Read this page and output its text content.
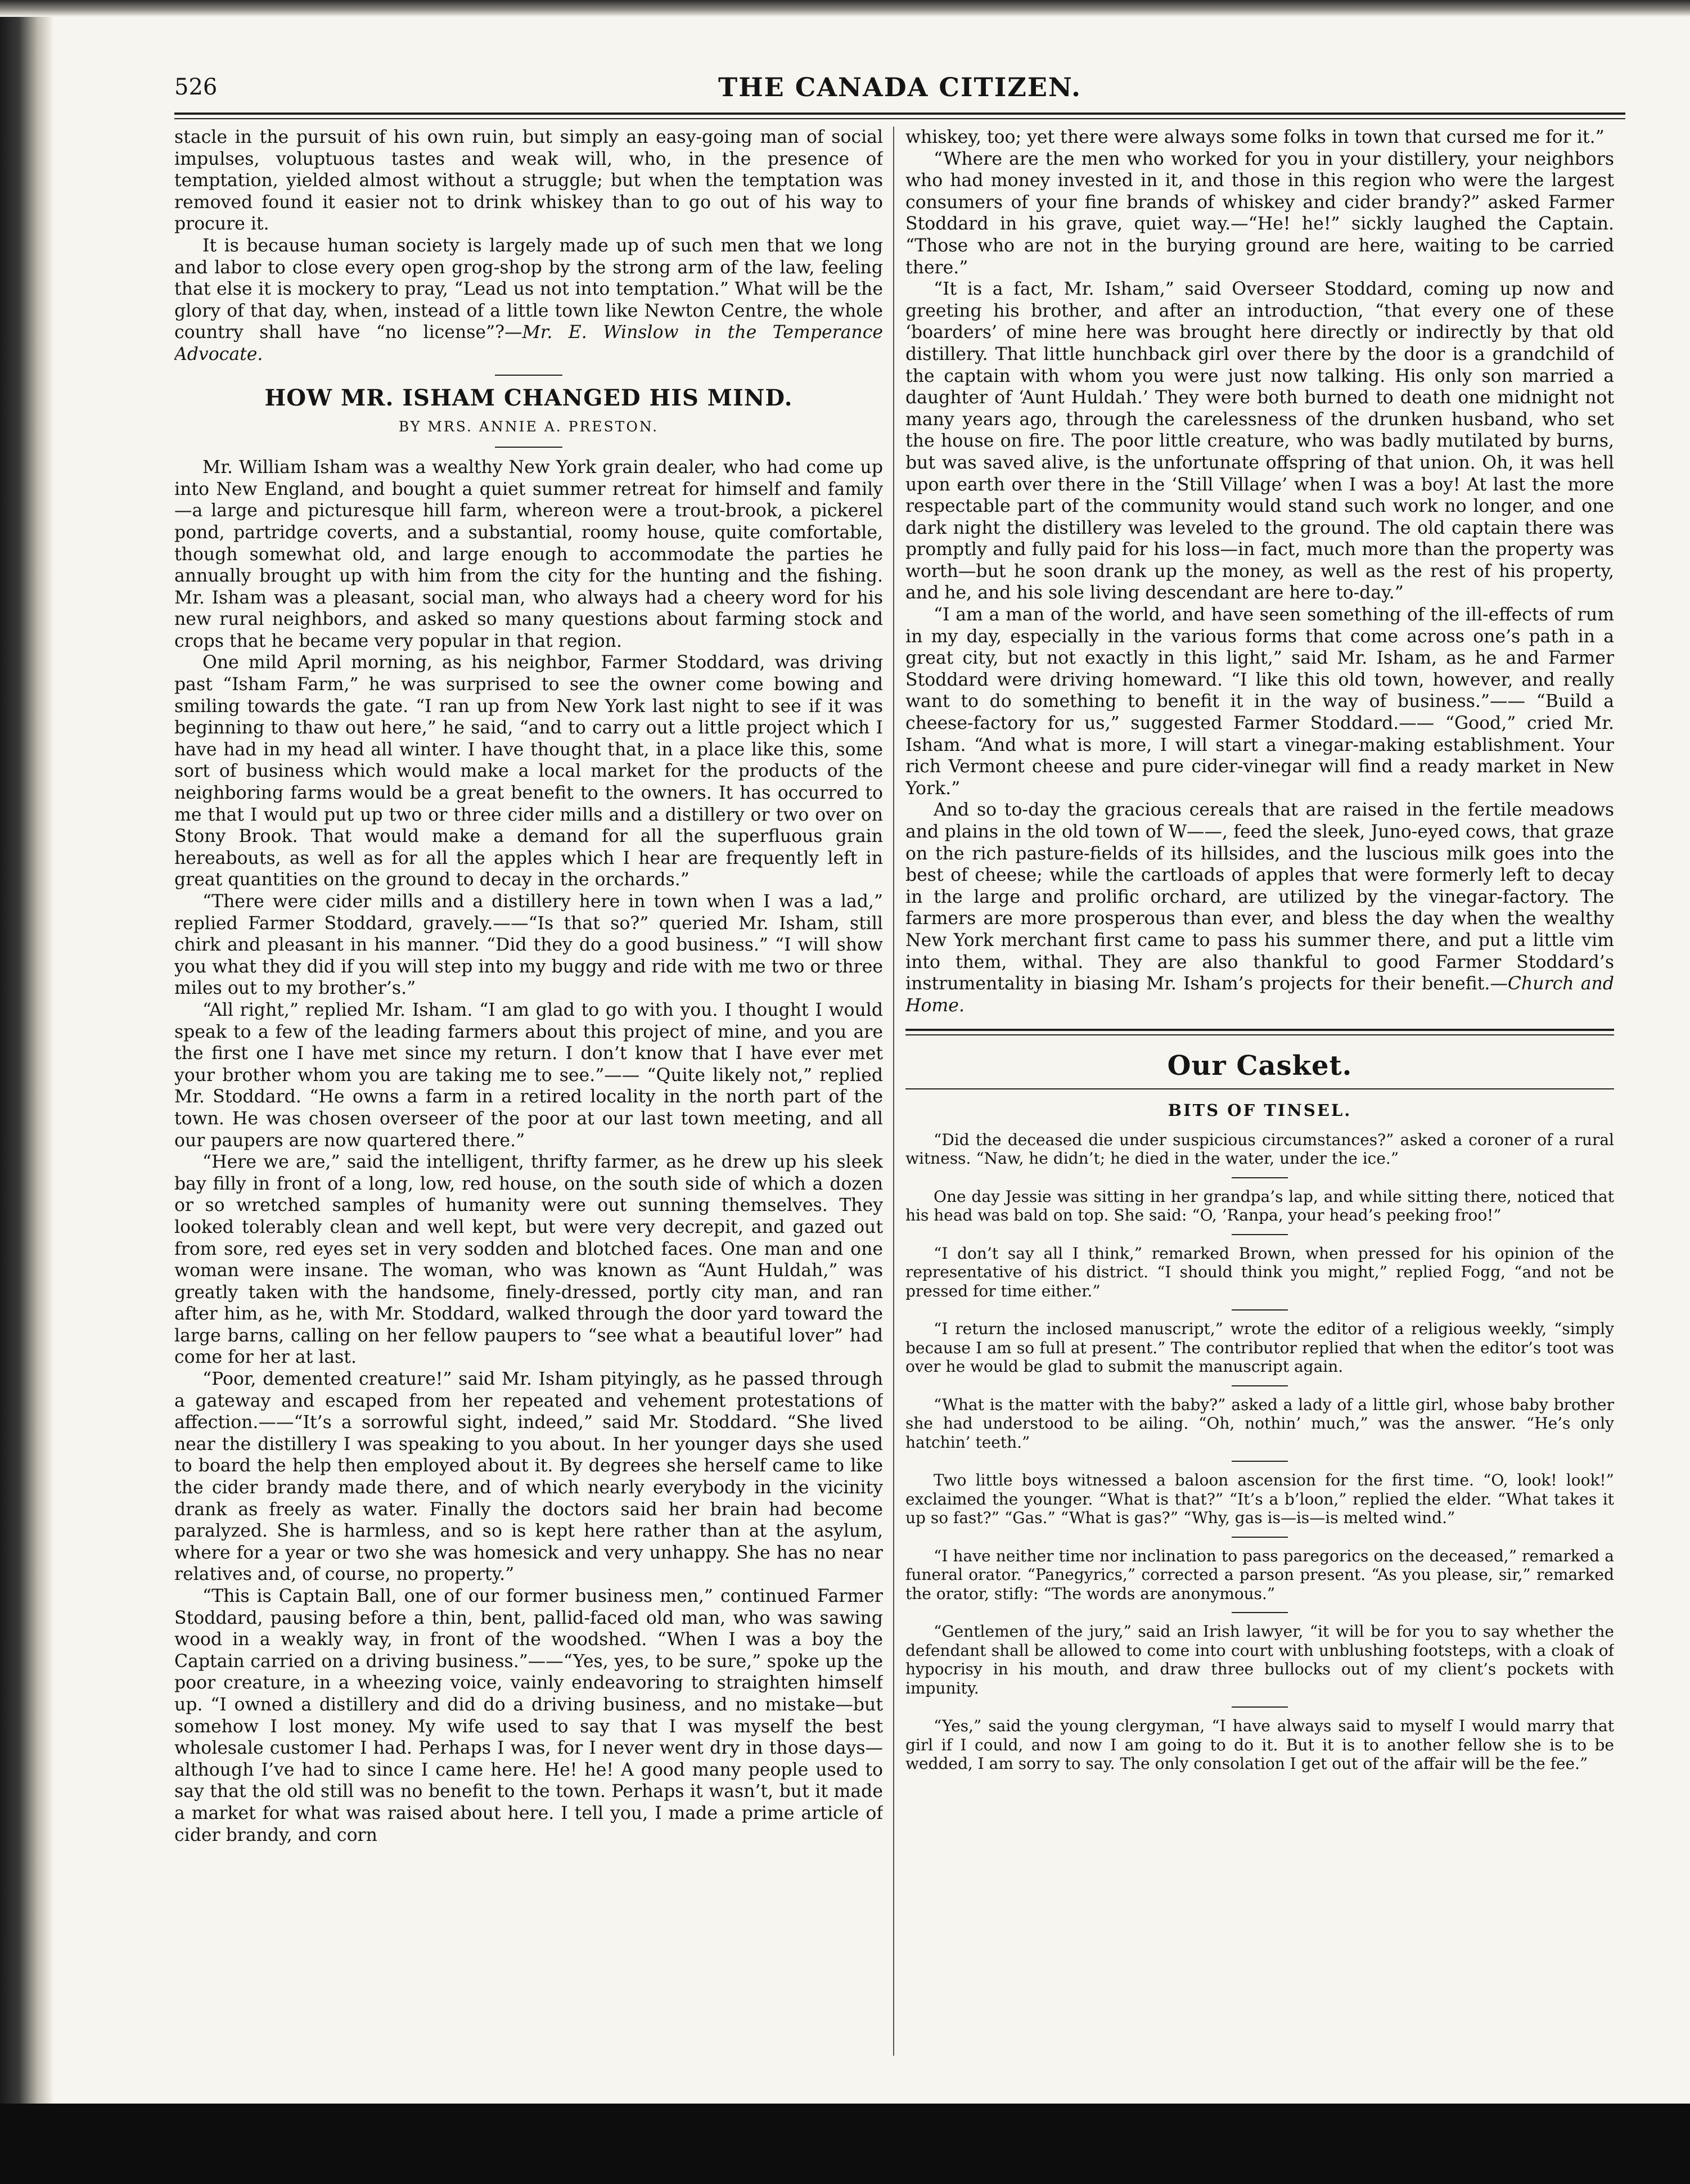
526	THE CANADA CITIZEN.

stacle in the pursuit of his own ruin, but simply an easy-going man of social impulses, voluptuous tastes and weak will, who, in the presence of temptation, yielded almost without a struggle; but when the temptation was removed found it easier not to drink whiskey than to go out of his way to procure it.

It is because human society is largely made up of such men that we long and labor to close every open grog-shop by the strong arm of the law, feeling that else it is mockery to pray, “Lead us not into temptation.” What will be the glory of that day, when, instead of a little town like Newton Centre, the whole country shall have “no license”?—Mr. E. Winslow in the Temperance Advocate.

HOW MR. ISHAM CHANGED HIS MIND.
BY MRS. ANNIE A. PRESTON.

Mr. William Isham was a wealthy New York grain dealer, who had come up into New England, and bought a quiet summer retreat for himself and family—a large and picturesque hill farm, whereon were a trout-brook, a pickerel pond, partridge coverts, and a substantial, roomy house, quite comfortable, though somewhat old, and large enough to accommodate the parties he annually brought up with him from the city for the hunting and the fishing. Mr. Isham was a pleasant, social man, who always had a cheery word for his new rural neighbors, and asked so many questions about farming stock and crops that he became very popular in that region.

One mild April morning, as his neighbor, Farmer Stoddard, was driving past “Isham Farm,” he was surprised to see the owner come bowing and smiling towards the gate. “I ran up from New York last night to see if it was beginning to thaw out here,” he said, “and to carry out a little project which I have had in my head all winter. I have thought that, in a place like this, some sort of business which would make a local market for the products of the neighboring farms would be a great benefit to the owners. It has occurred to me that I would put up two or three cider mills and a distillery or two over on Stony Brook. That would make a demand for all the superfluous grain hereabouts, as well as for all the apples which I hear are frequently left in great quantities on the ground to decay in the orchards.”

“There were cider mills and a distillery here in town when I was a lad,” replied Farmer Stoddard, gravely.——“Is that so?” queried Mr. Isham, still chirk and pleasant in his manner. “Did they do a good business.” “I will show you what they did if you will step into my buggy and ride with me two or three miles out to my brother’s.”

“All right,” replied Mr. Isham. “I am glad to go with you. I thought I would speak to a few of the leading farmers about this project of mine, and you are the first one I have met since my return. I don’t know that I have ever met your brother whom you are taking me to see.”—— “Quite likely not,” replied Mr. Stoddard. “He owns a farm in a retired locality in the north part of the town. He was chosen overseer of the poor at our last town meeting, and all our paupers are now quartered there.”

“Here we are,” said the intelligent, thrifty farmer, as he drew up his sleek bay filly in front of a long, low, red house, on the south side of which a dozen or so wretched samples of humanity were out sunning themselves. They looked tolerably clean and well kept, but were very decrepit, and gazed out from sore, red eyes set in very sodden and blotched faces. One man and one woman were insane. The woman, who was known as “Aunt Huldah,” was greatly taken with the handsome, finely-dressed, portly city man, and ran after him, as he, with Mr. Stoddard, walked through the door yard toward the large barns, calling on her fellow paupers to “see what a beautiful lover” had come for her at last.

“Poor, demented creature!” said Mr. Isham pityingly, as he passed through a gateway and escaped from her repeated and vehement protestations of affection.——“It’s a sorrowful sight, indeed,” said Mr. Stoddard. “She lived near the distillery I was speaking to you about. In her younger days she used to board the help then employed about it. By degrees she herself came to like the cider brandy made there, and of which nearly everybody in the vicinity drank as freely as water. Finally the doctors said her brain had become paralyzed. She is harmless, and so is kept here rather than at the asylum, where for a year or two she was homesick and very unhappy. She has no near relatives and, of course, no property.”

“This is Captain Ball, one of our former business men,” continued Farmer Stoddard, pausing before a thin, bent, pallid-faced old man, who was sawing wood in a weakly way, in front of the woodshed. “When I was a boy the Captain carried on a driving business.”——“Yes, yes, to be sure,” spoke up the poor creature, in a wheezing voice, vainly endeavoring to straighten himself up. “I owned a distillery and did do a driving business, and no mistake—but somehow I lost money. My wife used to say that I was myself the best wholesale customer I had. Perhaps I was, for I never went dry in those days—although I’ve had to since I came here. He! he! A good many people used to say that the old still was no benefit to the town. Perhaps it wasn’t, but it made a market for what was raised about here. I tell you, I made a prime article of cider brandy, and corn

whiskey, too; yet there were always some folks in town that cursed me for it.”

“Where are the men who worked for you in your distillery, your neighbors who had money invested in it, and those in this region who were the largest consumers of your fine brands of whiskey and cider brandy?” asked Farmer Stoddard in his grave, quiet way.—“He! he!” sickly laughed the Captain. “Those who are not in the burying ground are here, waiting to be carried there.”

“It is a fact, Mr. Isham,” said Overseer Stoddard, coming up now and greeting his brother, and after an introduction, “that every one of these ‘boarders’ of mine here was brought here directly or indirectly by that old distillery. That little hunchback girl over there by the door is a grandchild of the captain with whom you were just now talking. His only son married a daughter of ‘Aunt Huldah.’ They were both burned to death one midnight not many years ago, through the carelessness of the drunken husband, who set the house on fire. The poor little creature, who was badly mutilated by burns, but was saved alive, is the unfortunate offspring of that union. Oh, it was hell upon earth over there in the ‘Still Village’ when I was a boy! At last the more respectable part of the community would stand such work no longer, and one dark night the distillery was leveled to the ground. The old captain there was promptly and fully paid for his loss—in fact, much more than the property was worth—but he soon drank up the money, as well as the rest of his property, and he, and his sole living descendant are here to-day.”

“I am a man of the world, and have seen something of the ill-effects of rum in my day, especially in the various forms that come across one’s path in a great city, but not exactly in this light,” said Mr. Isham, as he and Farmer Stoddard were driving homeward. “I like this old town, however, and really want to do something to benefit it in the way of business.”—— “Build a cheese-factory for us,” suggested Farmer Stoddard.—— “Good,” cried Mr. Isham. “And what is more, I will start a vinegar-making establishment. Your rich Vermont cheese and pure cider-vinegar will find a ready market in New York.”

And so to-day the gracious cereals that are raised in the fertile meadows and plains in the old town of W——, feed the sleek, Juno-eyed cows, that graze on the rich pasture-fields of its hillsides, and the luscious milk goes into the best of cheese; while the cartloads of apples that were formerly left to decay in the large and prolific orchard, are utilized by the vinegar-factory. The farmers are more prosperous than ever, and bless the day when the wealthy New York merchant first came to pass his summer there, and put a little vim into them, withal. They are also thankful to good Farmer Stoddard’s instrumentality in biasing Mr. Isham’s projects for their benefit.—Church and Home.

Our Casket.
BITS OF TINSEL.

“Did the deceased die under suspicious circumstances?” asked a coroner of a rural witness. “Naw, he didn’t; he died in the water, under the ice.”

One day Jessie was sitting in her grandpa’s lap, and while sitting there, noticed that his head was bald on top. She said: “O, ’Ranpa, your head’s peeking froo!”

“I don’t say all I think,” remarked Brown, when pressed for his opinion of the representative of his district. “I should think you might,” replied Fogg, “and not be pressed for time either.”

“I return the inclosed manuscript,” wrote the editor of a religious weekly, “simply because I am so full at present.” The contributor replied that when the editor’s toot was over he would be glad to submit the manuscript again.

“What is the matter with the baby?” asked a lady of a little girl, whose baby brother she had understood to be ailing. “Oh, nothin’ much,” was the answer. “He’s only hatchin’ teeth.”

Two little boys witnessed a baloon ascension for the first time. “O, look! look!” exclaimed the younger. “What is that?” “It’s a b’loon,” replied the elder. “What takes it up so fast?” “Gas.” “What is gas?” “Why, gas is—is—is melted wind.”

“I have neither time nor inclination to pass paregorics on the deceased,” remarked a funeral orator. “Panegyrics,” corrected a parson present. “As you please, sir,” remarked the orator, stifly: “The words are anonymous.”

“Gentlemen of the jury,” said an Irish lawyer, “it will be for you to say whether the defendant shall be allowed to come into court with unblushing footsteps, with a cloak of hypocrisy in his mouth, and draw three bullocks out of my client’s pockets with impunity.

“Yes,” said the young clergyman, “I have always said to myself I would marry that girl if I could, and now I am going to do it. But it is to another fellow she is to be wedded, I am sorry to say. The only consolation I get out of the affair will be the fee.”
